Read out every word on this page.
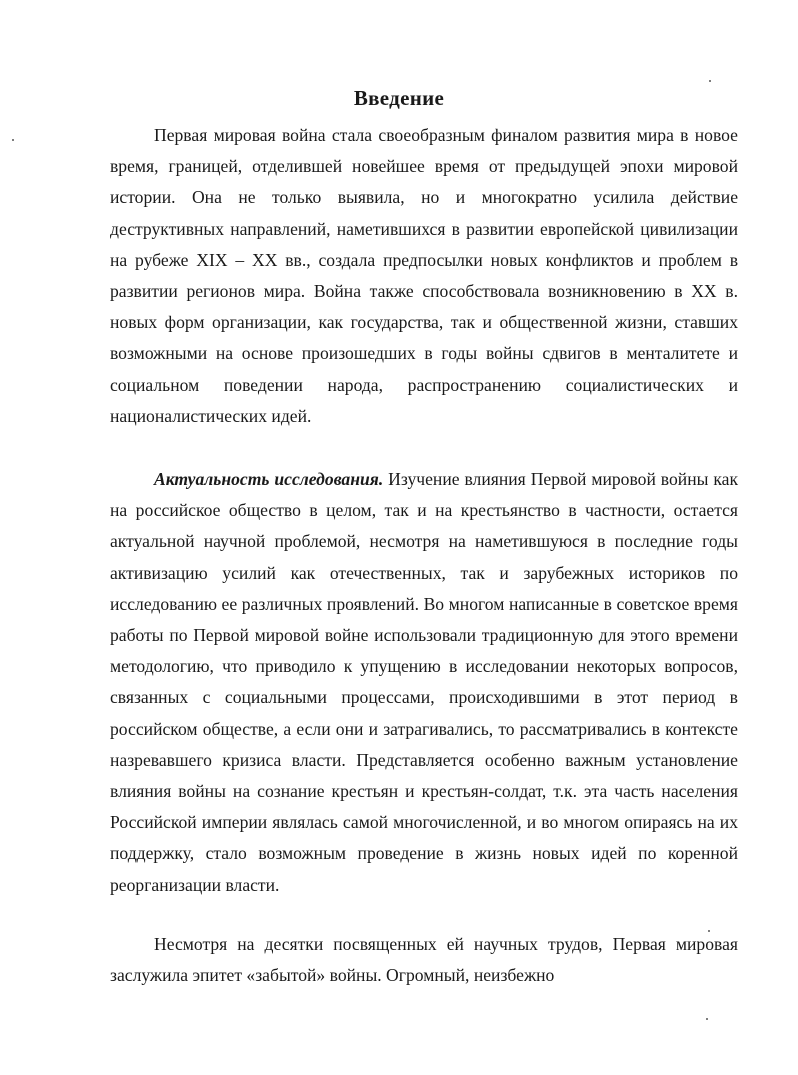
Введение

Первая мировая война стала своеобразным финалом развития мира в новое время, границей, отделившей новейшее время от предыдущей эпохи мировой истории. Она не только выявила, но и многократно усилила действие деструктивных направлений, наметившихся в развитии европейской цивилизации на рубеже XIX – XX вв., создала предпосылки новых конфликтов и проблем в развитии регионов мира. Война также способствовала возникновению в XX в. новых форм организации, как государства, так и общественной жизни, ставших возможными на основе произошедших в годы войны сдвигов в менталитете и социальном поведении народа, распространению социалистических и националистических идей.

Актуальность исследования. Изучение влияния Первой мировой войны как на российское общество в целом, так и на крестьянство в частности, остается актуальной научной проблемой, несмотря на наметившуюся в последние годы активизацию усилий как отечественных, так и зарубежных историков по исследованию ее различных проявлений. Во многом написанные в советское время работы по Первой мировой войне использовали традиционную для этого времени методологию, что приводило к упущению в исследовании некоторых вопросов, связанных с социальными процессами, происходившими в этот период в российском обществе, а если они и затрагивались, то рассматривались в контексте назревавшего кризиса власти. Представляется особенно важным установление влияния войны на сознание крестьян и крестьян-солдат, т.к. эта часть населения Российской империи являлась самой многочисленной, и во многом опираясь на их поддержку, стало возможным проведение в жизнь новых идей по коренной реорганизации власти.

Несмотря на десятки посвященных ей научных трудов, Первая мировая заслужила эпитет «забытой» войны. Огромный, неизбежно
